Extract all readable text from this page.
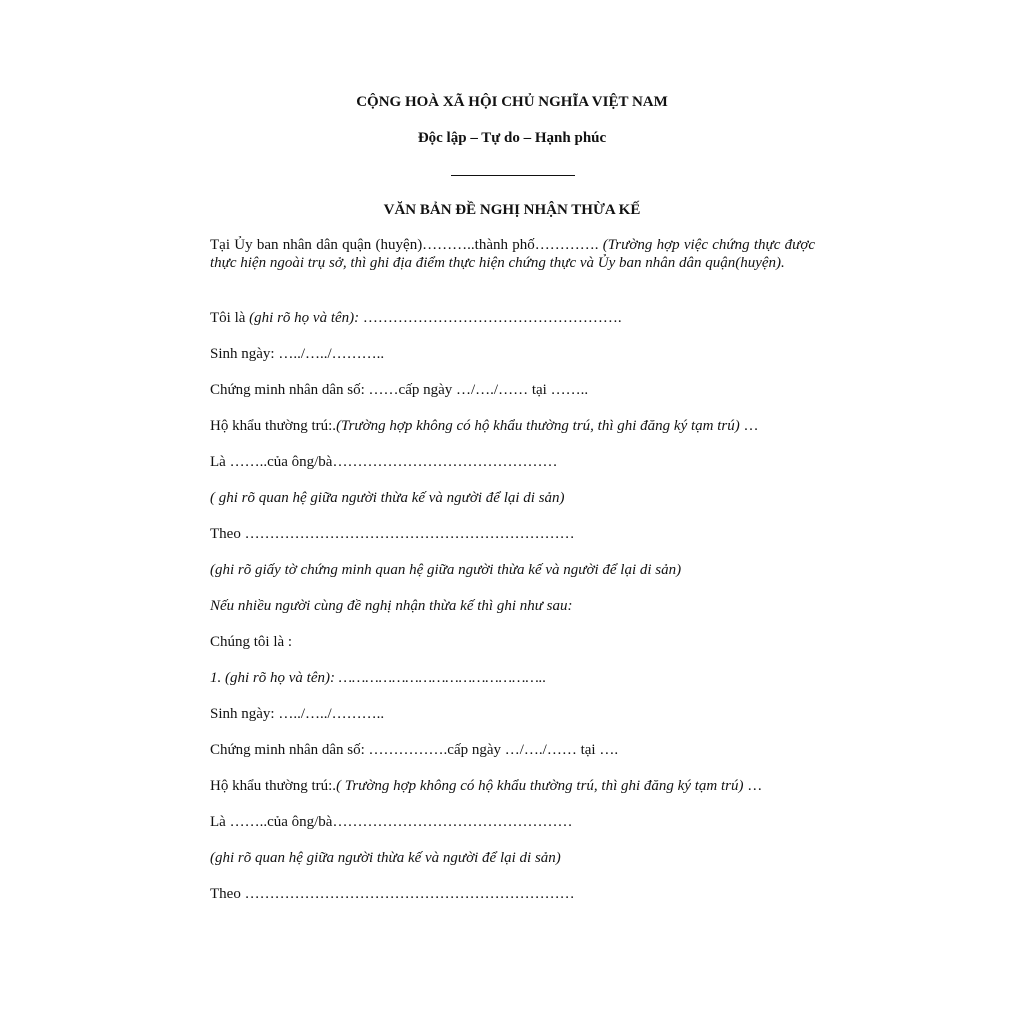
CỘNG HOÀ XÃ HỘI CHỦ NGHĨA VIỆT NAM
Độc lập – Tự do – Hạnh phúc
VĂN BẢN ĐỀ NGHỊ NHẬN THỪA KẾ
Tại Ủy ban nhân dân quận (huyện)………..thành phố…………. (Trường hợp việc chứng thực được thực hiện ngoài trụ sở, thì ghi địa điểm thực hiện chứng thực và Ủy ban nhân dân quận(huyện).
Tôi là (ghi rõ họ và tên): …………………………………………….
Sinh ngày: …../…../………..
Chứng minh nhân dân số: ……cấp ngày …/…./…… tại ……..
Hộ khẩu thường trú:.(Trường hợp không có hộ khẩu thường trú, thì ghi đăng ký tạm trú) …
Là ……..của ông/bà………………………………………
( ghi rõ quan hệ giữa người thừa kế và người để lại di sản)
Theo …………………………………………………………
(ghi rõ giấy tờ chứng minh quan hệ giữa người thừa kế và người để lại di sản)
Nếu nhiều người cùng đề nghị nhận thừa kế thì ghi như sau:
Chúng tôi là :
1. (ghi rõ họ và tên): ………………………………………..
Sinh ngày: …../…../………..
Chứng minh nhân dân số: …………….cấp ngày …/…./…… tại ….
Hộ khẩu thường trú:.( Trường hợp không có hộ khẩu thường trú, thì ghi đăng ký tạm trú) …
Là ……..của ông/bà…………………………………………
(ghi rõ quan hệ giữa người thừa kế và người để lại di sản)
Theo …………………………………………………………
